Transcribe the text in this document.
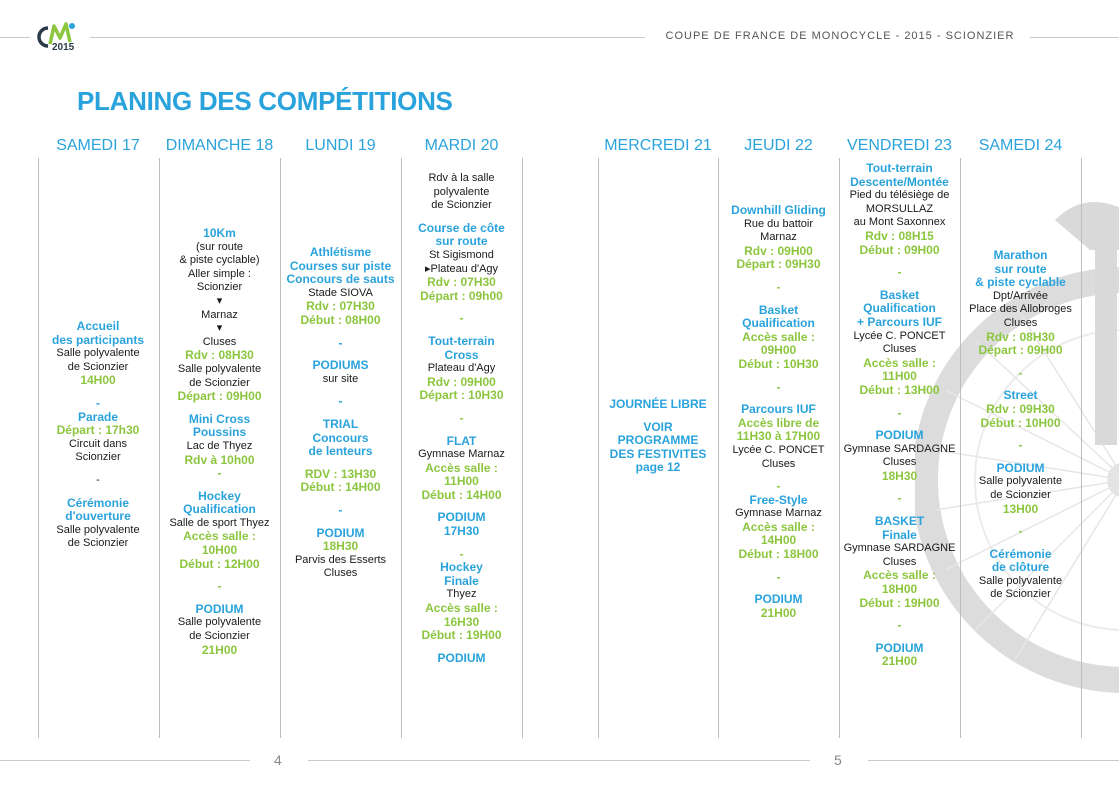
COUPE DE FRANCE DE MONOCYCLE - 2015 - SCIONZIER
2015
PLANING DES COMPÉTITIONS
SAMEDI 17
Accueil
des participants
Salle polyvalente
de Scionzier
14H00
-
Parade
Départ : 17h30
Circuit dans
Scionzier
-
Cérémonie
d'ouverture
Salle polyvalente
de Scionzier
DIMANCHE 18
10Km
(sur route
& piste cyclable)
Aller simple :
Scionzier
▾
Marnaz
▾
Cluses
Rdv : 08H30
Salle polyvalente
de Scionzier
Départ : 09H00
Mini Cross
Poussins
Lac de Thyez
Rdv à 10h00
-
Hockey
Qualification
Salle de sport Thyez
Accès salle :
10H00
Début : 12H00
-
PODIUM
Salle polyvalente
de Scionzier
21H00
LUNDI 19
Athlétisme
Courses sur piste
Concours de sauts
Stade SIOVA
Rdv : 07H30
Début : 08H00
-
PODIUMS
sur site
-
TRIAL
Concours
de lenteurs
RDV : 13H30
Début : 14H00
-
PODIUM
18H30
Parvis des Esserts
Cluses
MARDI 20
Rdv à la salle
polyvalente
de Scionzier
Course de côte
sur route
St Sigismond
▸Plateau d'Agy
Rdv : 07H30
Départ : 09h00
-
Tout-terrain
Cross
Plateau d'Agy
Rdv : 09H00
Départ : 10H30
-
FLAT
Gymnase Marnaz
Accès salle :
11H00
Début : 14H00
PODIUM
17H30
-
Hockey
Finale
Thyez
Accès salle :
16H30
Début : 19H00
PODIUM
MERCREDI 21
JOURNÉE LIBRE
VOIR
PROGRAMME
DES FESTIVITES
page 12
JEUDI 22
Downhill Gliding
Rue du battoir
Marnaz
Rdv : 09H00
Départ : 09H30
-
Basket
Qualification
Accès salle :
09H00
Début : 10H30
-
Parcours IUF
Accès libre de
11H30 à 17H00
Lycée C. PONCET
Cluses
-
Free-Style
Gymnase Marnaz
Accès salle :
14H00
Début : 18H00
-
PODIUM
21H00
VENDREDI 23
Tout-terrain
Descente/Montée
Pied du télésiège de
MORSULLAZ
au Mont Saxonnex
Rdv : 08H15
Début : 09H00
-
Basket
Qualification
+ Parcours IUF
Lycée C. PONCET
Cluses
Accès salle :
11H00
Début : 13H00
-
PODIUM
Gymnase SARDAGNE
Cluses
18H30
-
BASKET
Finale
Gymnase SARDAGNE
Cluses
Accès salle :
18H00
Début : 19H00
-
PODIUM
21H00
SAMEDI 24
Marathon
sur route
& piste cyclable
Dpt/Arrivée
Place des Allobroges
Cluses
Rdv : 08H30
Départ : 09H00
-
Street
Rdv : 09H30
Début : 10H00
-
PODIUM
Salle polyvalente
de Scionzier
13H00
-
Cérémonie
de clôture
Salle polyvalente
de Scionzier
4	5
